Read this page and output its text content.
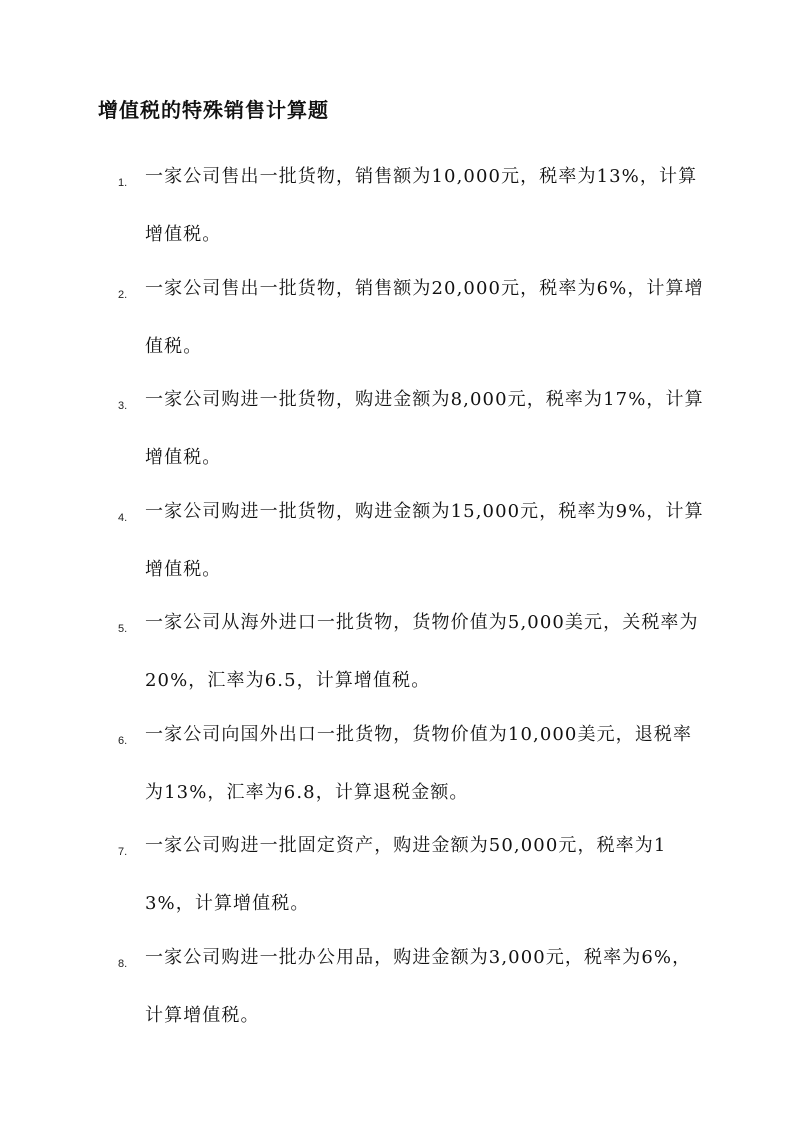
增值税的特殊销售计算题
1. 一家公司售出一批货物，销售额为10,000元，税率为13%，计算增值税。
2. 一家公司售出一批货物，销售额为20,000元，税率为6%，计算增值税。
3. 一家公司购进一批货物，购进金额为8,000元，税率为17%，计算增值税。
4. 一家公司购进一批货物，购进金额为15,000元，税率为9%，计算增值税。
5. 一家公司从海外进口一批货物，货物价值为5,000美元，关税率为20%，汇率为6.5，计算增值税。
6. 一家公司向国外出口一批货物，货物价值为10,000美元，退税率为13%，汇率为6.8，计算退税金额。
7. 一家公司购进一批固定资产，购进金额为50,000元，税率为13%，计算增值税。
8. 一家公司购进一批办公用品，购进金额为3,000元，税率为6%，计算增值税。
